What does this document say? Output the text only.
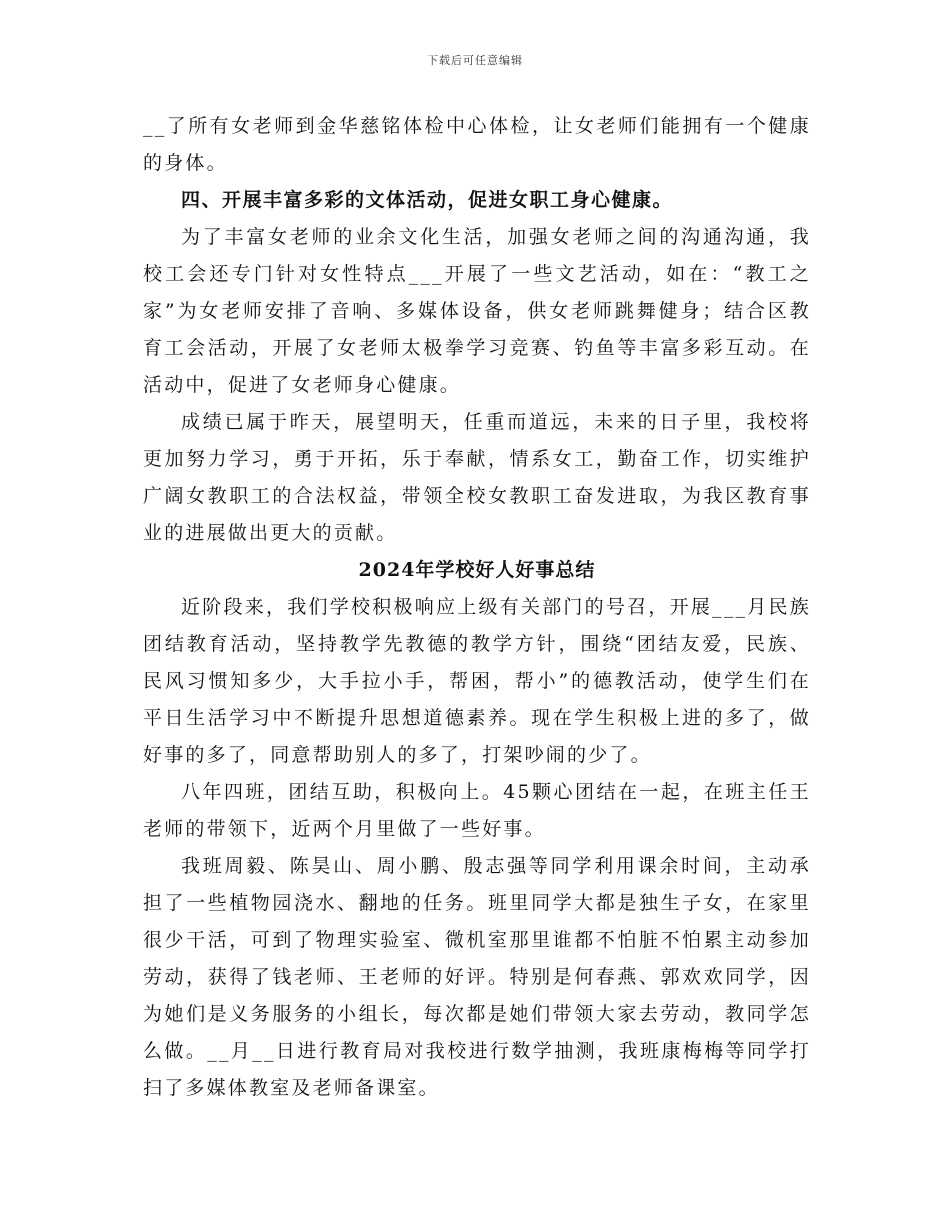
下载后可任意编辑

__了所有女老师到金华慈铭体检中心体检，让女老师们能拥有一个健康的身体。

四、开展丰富多彩的文体活动，促进女职工身心健康。

为了丰富女老师的业余文化生活，加强女老师之间的沟通沟通，我校工会还专门针对女性特点___开展了一些文艺活动，如在：“教工之家”为女老师安排了音响、多媒体设备，供女老师跳舞健身；结合区教育工会活动，开展了女老师太极拳学习竞赛、钓鱼等丰富多彩互动。在活动中，促进了女老师身心健康。

成绩已属于昨天，展望明天，任重而道远，未来的日子里，我校将更加努力学习，勇于开拓，乐于奉献，情系女工，勤奋工作，切实维护广阔女教职工的合法权益，带领全校女教职工奋发进取，为我区教育事业的进展做出更大的贡献。

2024年学校好人好事总结

近阶段来，我们学校积极响应上级有关部门的号召，开展___月民族团结教育活动，坚持教学先教德的教学方针，围绕“团结友爱，民族、民风习惯知多少，大手拉小手，帮困，帮小”的德教活动，使学生们在平日生活学习中不断提升思想道德素养。现在学生积极上进的多了，做好事的多了，同意帮助别人的多了，打架吵闹的少了。

八年四班，团结互助，积极向上。45颗心团结在一起，在班主任王老师的带领下，近两个月里做了一些好事。

我班周毅、陈昊山、周小鹏、殷志强等同学利用课余时间，主动承担了一些植物园浇水、翻地的任务。班里同学大都是独生子女，在家里很少干活，可到了物理实验室、微机室那里谁都不怕脏不怕累主动参加劳动，获得了钱老师、王老师的好评。特别是何春燕、郭欢欢同学，因为她们是义务服务的小组长，每次都是她们带领大家去劳动，教同学怎么做。__月__日进行教育局对我校进行数学抽测，我班康梅梅等同学打扫了多媒体教室及老师备课室。
